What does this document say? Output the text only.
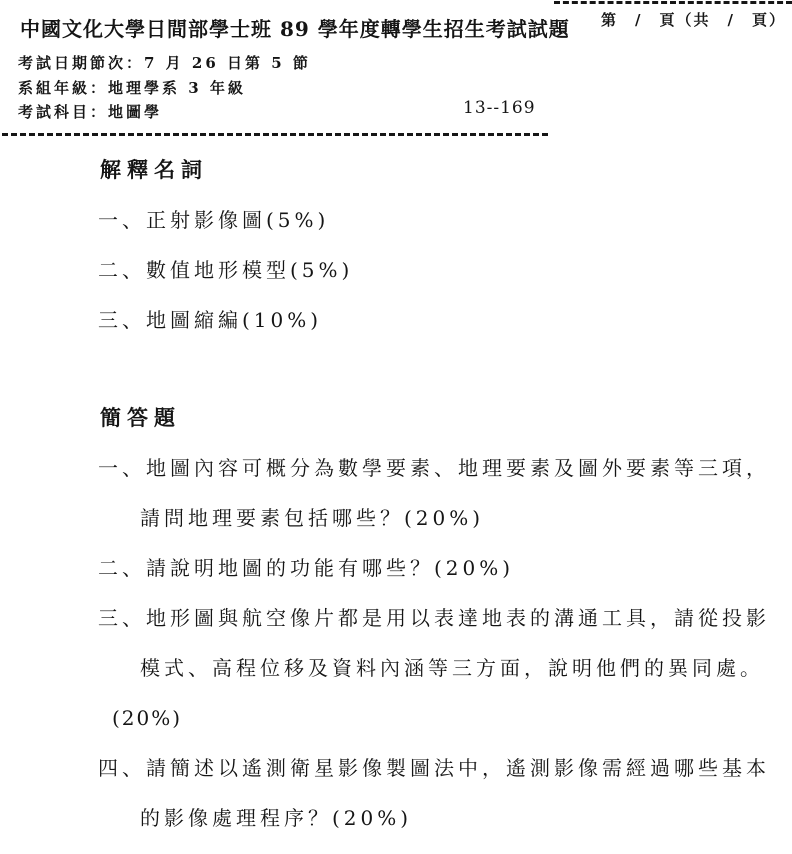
第　/　頁（共　/　頁）
中國文化大學日間部學士班 89 學年度轉學生招生考試試題
考試日期節次：7 月 26 日第 5 節
系組年級：地理學系 3 年級
考試科目：地圖學	13--169
解釋名詞
一、正射影像圖(5%)
二、數值地形模型(5%)
三、地圖縮編(10%)
簡答題
一、地圖內容可概分為數學要素、地理要素及圖外要素等三項，
請問地理要素包括哪些？(20%)
二、請說明地圖的功能有哪些？(20%)
三、地形圖與航空像片都是用以表達地表的溝通工具，請從投影
模式、高程位移及資料內涵等三方面，說明他們的異同處。
(20%)
四、請簡述以遙測衛星影像製圖法中，遙測影像需經過哪些基本
的影像處理程序？(20%)
